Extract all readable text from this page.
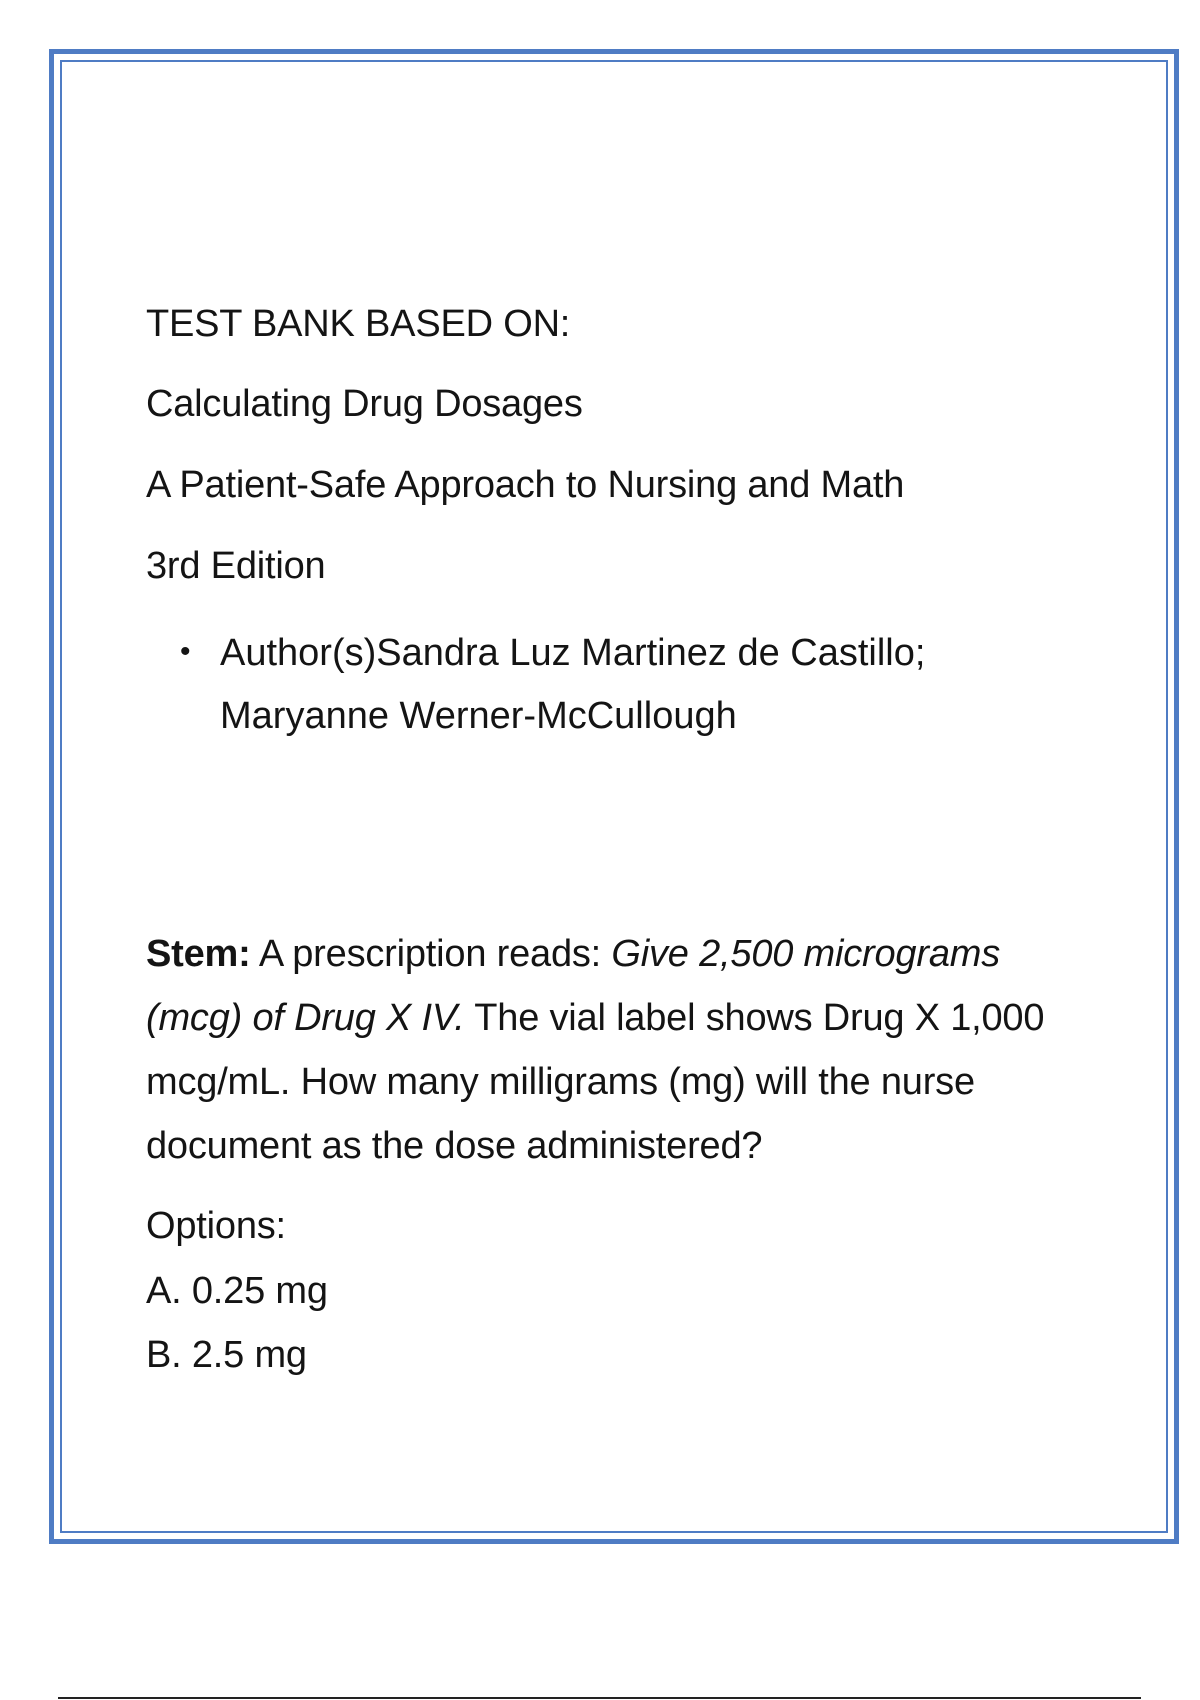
TEST BANK BASED ON:
Calculating Drug Dosages
A Patient-Safe Approach to Nursing and Math
3rd Edition
• Author(s)Sandra Luz Martinez de Castillo; Maryanne Werner-McCullough
Stem: A prescription reads: Give 2,500 micrograms (mcg) of Drug X IV. The vial label shows Drug X 1,000 mcg/mL. How many milligrams (mg) will the nurse document as the dose administered?
Options:
A. 0.25 mg
B. 2.5 mg
